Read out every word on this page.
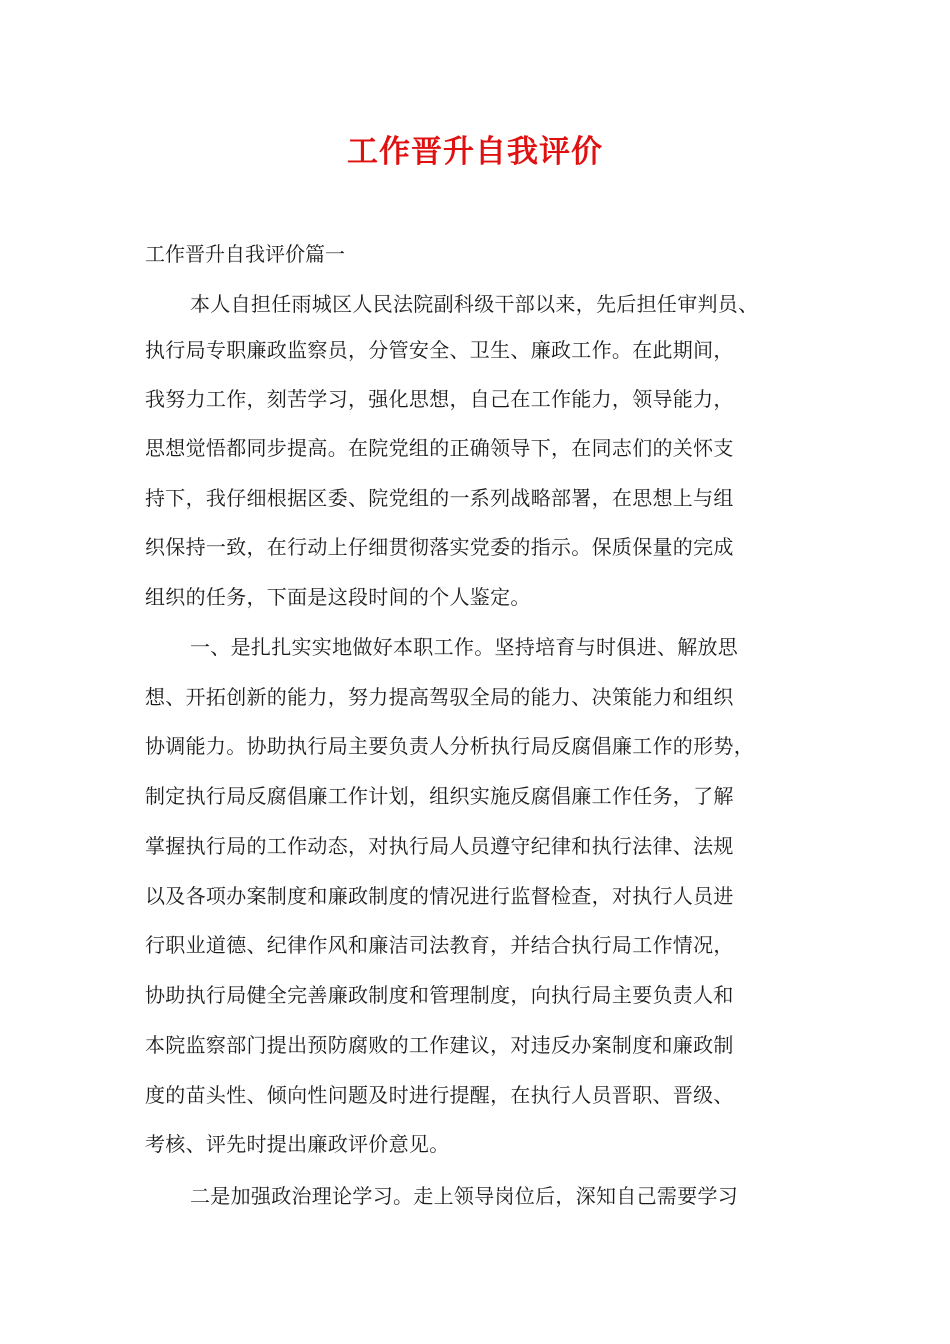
工作晋升自我评价
工作晋升自我评价篇一
本人自担任雨城区人民法院副科级干部以来，先后担任审判员、
执行局专职廉政监察员，分管安全、卫生、廉政工作。在此期间，
我努力工作，刻苦学习，强化思想，自己在工作能力，领导能力，
思想觉悟都同步提高。在院党组的正确领导下，在同志们的关怀支
持下，我仔细根据区委、院党组的一系列战略部署，在思想上与组
织保持一致，在行动上仔细贯彻落实党委的指示。保质保量的完成
组织的任务，下面是这段时间的个人鉴定。
一、是扎扎实实地做好本职工作。坚持培育与时俱进、解放思
想、开拓创新的能力，努力提高驾驭全局的能力、决策能力和组织
协调能力。协助执行局主要负责人分析执行局反腐倡廉工作的形势，
制定执行局反腐倡廉工作计划，组织实施反腐倡廉工作任务，了解
掌握执行局的工作动态，对执行局人员遵守纪律和执行法律、法规
以及各项办案制度和廉政制度的情况进行监督检查，对执行人员进
行职业道德、纪律作风和廉洁司法教育，并结合执行局工作情况，
协助执行局健全完善廉政制度和管理制度，向执行局主要负责人和
本院监察部门提出预防腐败的工作建议，对违反办案制度和廉政制
度的苗头性、倾向性问题及时进行提醒，在执行人员晋职、晋级、
考核、评先时提出廉政评价意见。
二是加强政治理论学习。走上领导岗位后，深知自己需要学习
